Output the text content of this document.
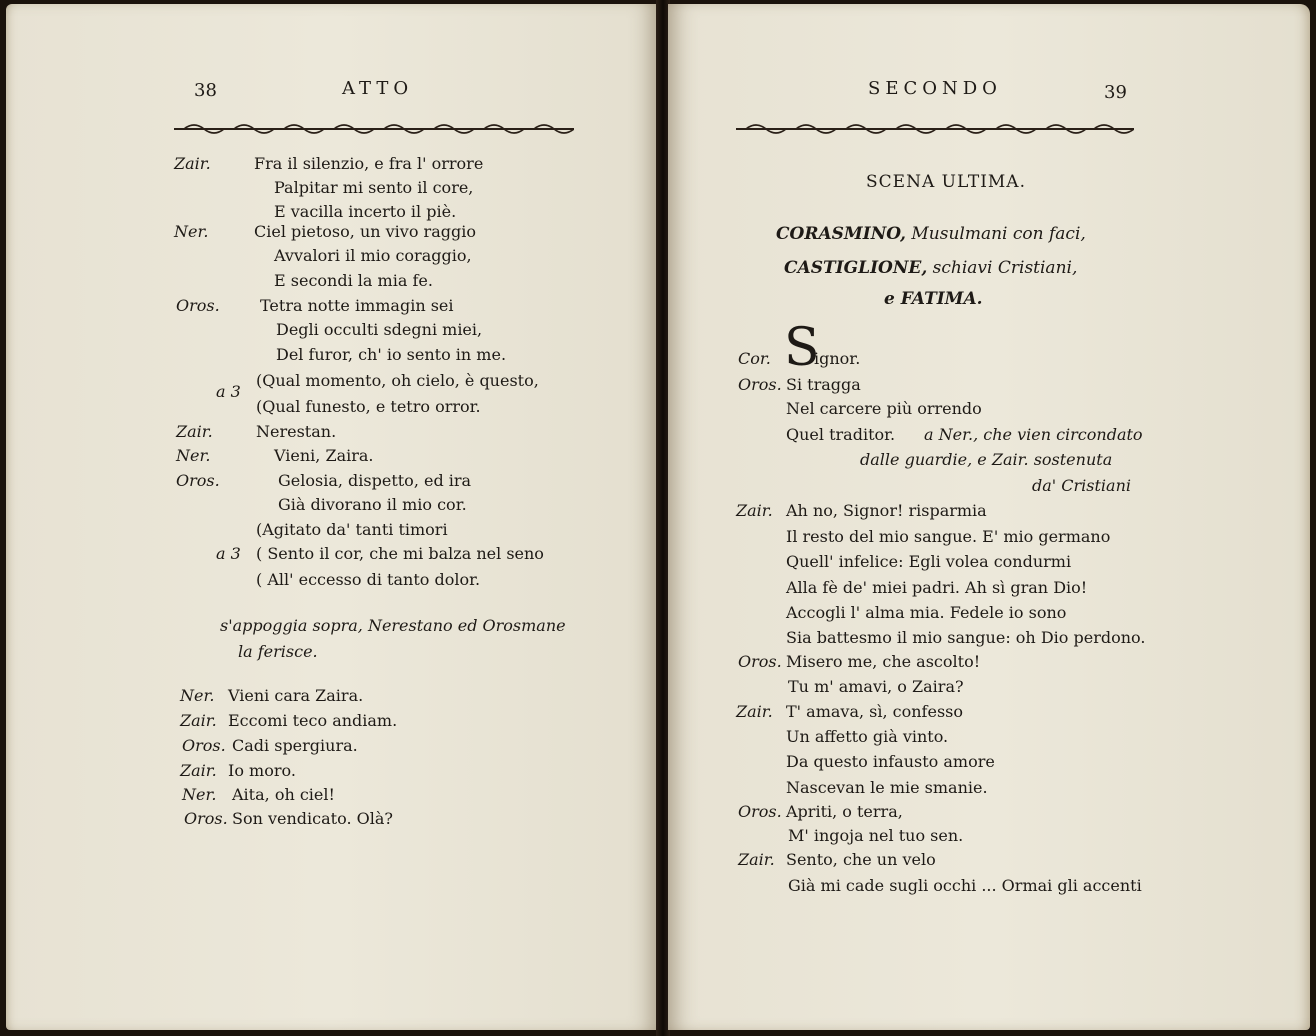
38	ATTO
Zair.	Fra il silenzio, e fra l' orrore
Palpitar mi sento il core,
E vacilla incerto il piè.
Ner.	Ciel pietoso, un vivo raggio
Avvalori il mio coraggio,
E secondi la mia fe.
Oros.	Tetra notte immagin sei
Degli occulti sdegni miei,
Del furor, ch' io sento in me.
a 3
(Qual momento, oh cielo, è questo,
(Qual funesto, e tetro orror.
Zair.	Nerestan.
Ner.	Vieni, Zaira.
Oros.	Gelosia, dispetto, ed ira
Già divorano il mio cor.
(Agitato da' tanti timori
a 3 ( Sento il cor, che mi balza nel seno
( All' eccesso di tanto dolor.
s'appoggia sopra, Nerestano ed Orosmane
la ferisce.
Ner. Vieni cara Zaira.
Zair. Eccomi teco andiam.
Oros. Cadi spergiura.
Zair. Io moro.
Ner. Aita, oh ciel!
Oros. Son vendicato. Olà?
SECONDO	39
SCENA ULTIMA.
CORASMINO, Musulmani con faci,
CASTIGLIONE, schiavi Cristiani,
e FATIMA.
Cor. S
ignor.
Oros. Si tragga
Nel carcere più orrendo
Quel traditor. a Ner., che vien circondato
dalle guardie, e Zair. sostenuta
da' Cristiani
Zair. Ah no, Signor! risparmia
Il resto del mio sangue. E' mio germano
Quell' infelice: Egli volea condurmi
Alla fè de' miei padri. Ah sì gran Dio!
Accogli l' alma mia. Fedele io sono
Sia battesmo il mio sangue: oh Dio perdono.
Oros. Misero me, che ascolto!
Tu m' amavi, o Zaira?
Zair. T' amava, sì, confesso
Un affetto già vinto.
Da questo infausto amore
Nascevan le mie smanie.
Oros. Apriti, o terra,
M' ingoja nel tuo sen.
Zair. Sento, che un velo
Già mi cade sugli occhi ... Ormai gli accenti
